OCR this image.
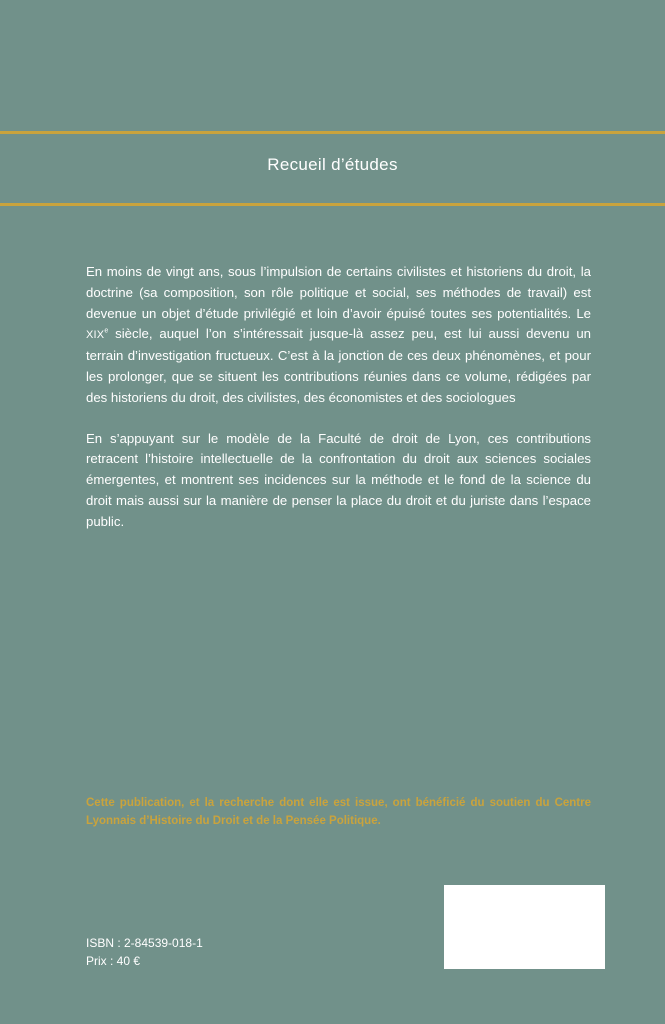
Recueil d’études

En moins de vingt ans, sous l’impulsion de certains civilistes et historiens du droit, la doctrine (sa composition, son rôle politique et social, ses méthodes de travail) est devenue un objet d’étude privilégié et loin d’avoir épuisé toutes ses potentialités. Le XIXe siècle, auquel l’on s’intéressait jusque-là assez peu, est lui aussi devenu un terrain d’investigation fructueux. C’est à la jonction de ces deux phénomènes, et pour les prolonger, que se situent les contributions réunies dans ce volume, rédigées par des historiens du droit, des civilistes, des économistes et des sociologues

En s’appuyant sur le modèle de la Faculté de droit de Lyon, ces contributions retracent l’histoire intellectuelle de la confrontation du droit aux sciences sociales émergentes, et montrent ses incidences sur la méthode et le fond de la science du droit mais aussi sur la manière de penser la place du droit et du juriste dans l’espace public.

Cette publication, et la recherche dont elle est issue, ont bénéficié du soutien du Centre Lyonnais d’Histoire du Droit et de la Pensée Politique.
ISBN : 2-84539-018-1
Prix : 40 €
